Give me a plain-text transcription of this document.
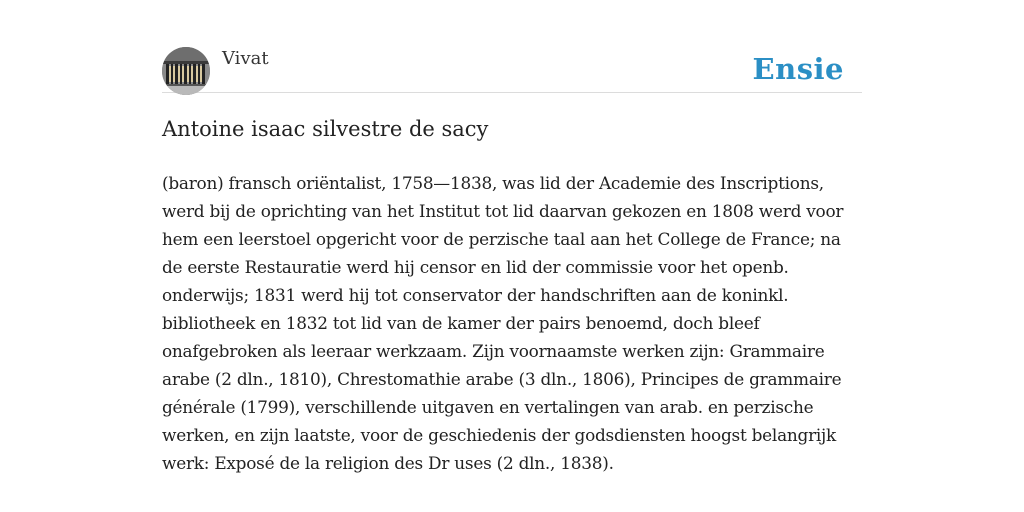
Vivat	Ensie
Antoine isaac silvestre de sacy
(baron) fransch oriëntalist, 1758—1838, was lid der Academie des Inscriptions,
werd bij de oprichting van het Institut tot lid daarvan gekozen en 1808 werd voor
hem een leerstoel opgericht voor de perzische taal aan het College de France; na
de eerste Restauratie werd hij censor en lid der commissie voor het openb.
onderwijs; 1831 werd hij tot conservator der handschriften aan de koninkl.
bibliotheek en 1832 tot lid van de kamer der pairs benoemd, doch bleef
onafgebroken als leeraar werkzaam. Zijn voornaamste werken zijn: Grammaire
arabe (2 dln., 1810), Chrestomathie arabe (3 dln., 1806), Principes de grammaire
générale (1799), verschillende uitgaven en vertalingen van arab. en perzische
werken, en zijn laatste, voor de geschiedenis der godsdiensten hoogst belangrijk
werk: Exposé de la religion des Dr uses (2 dln., 1838).
